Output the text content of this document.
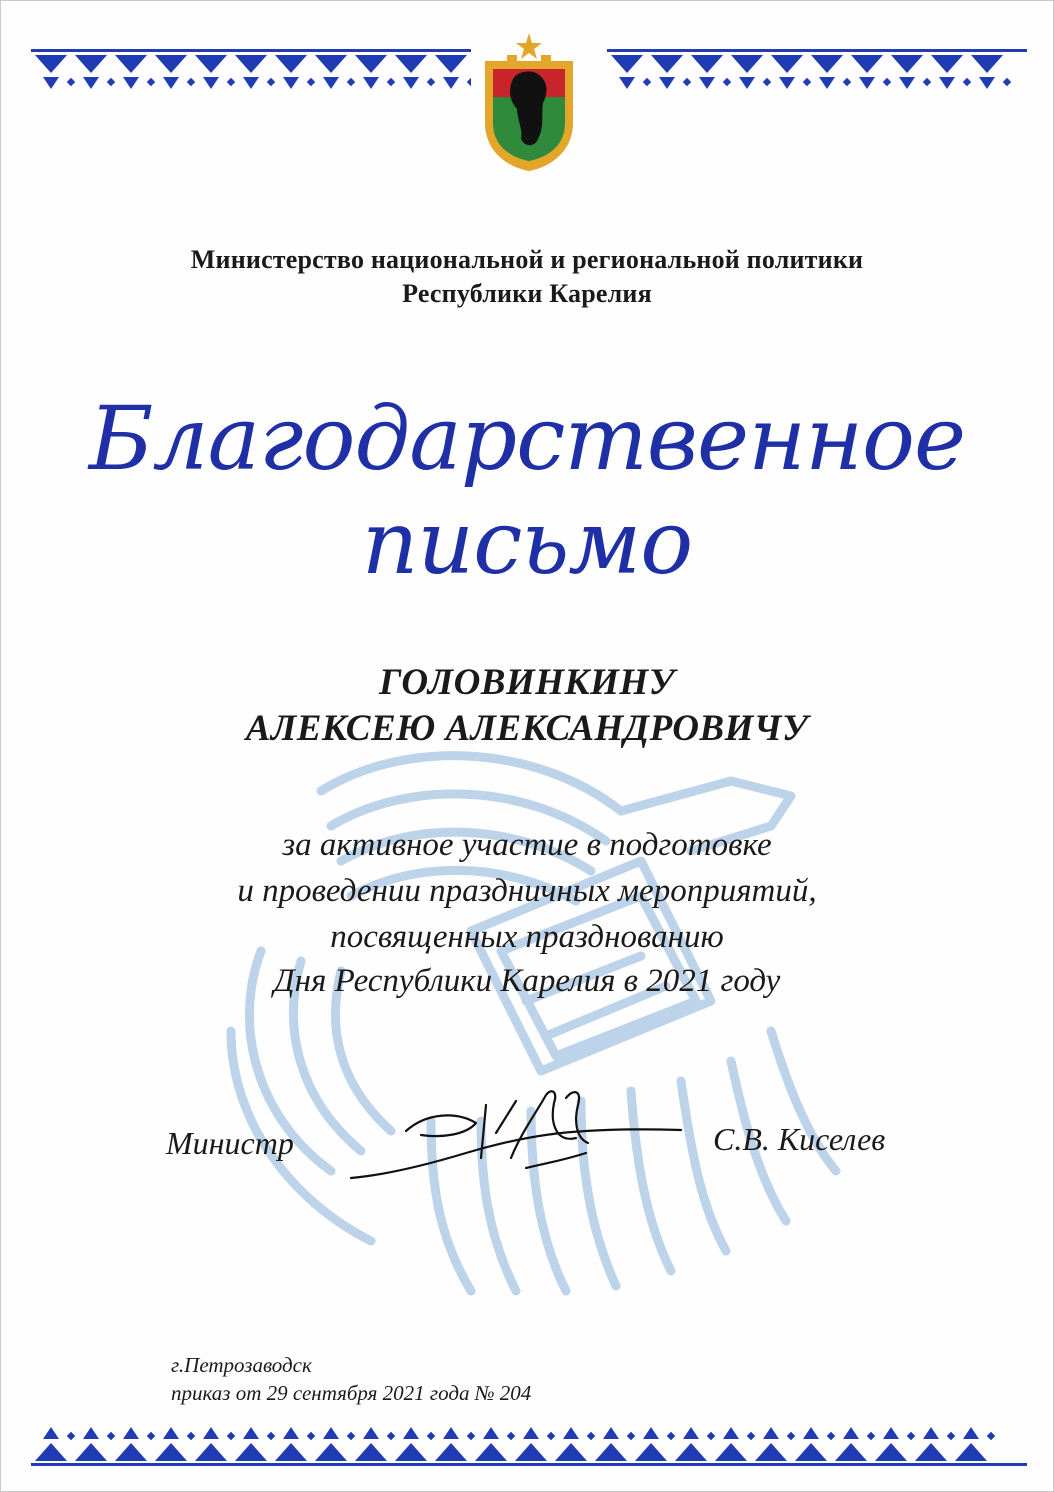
Министерство национальной и региональной политики
Республики Карелия
Благодарственное
письмо
ГОЛОВИНКИНУ
АЛЕКСЕЮ АЛЕКСАНДРОВИЧУ
за активное участие в подготовке
и проведении праздничных мероприятий,
посвященных празднованию
Дня Республики Карелия в 2021 году
Министр	С.В. Киселев
г.Петрозаводск
приказ от 29 сентября 2021 года № 204
